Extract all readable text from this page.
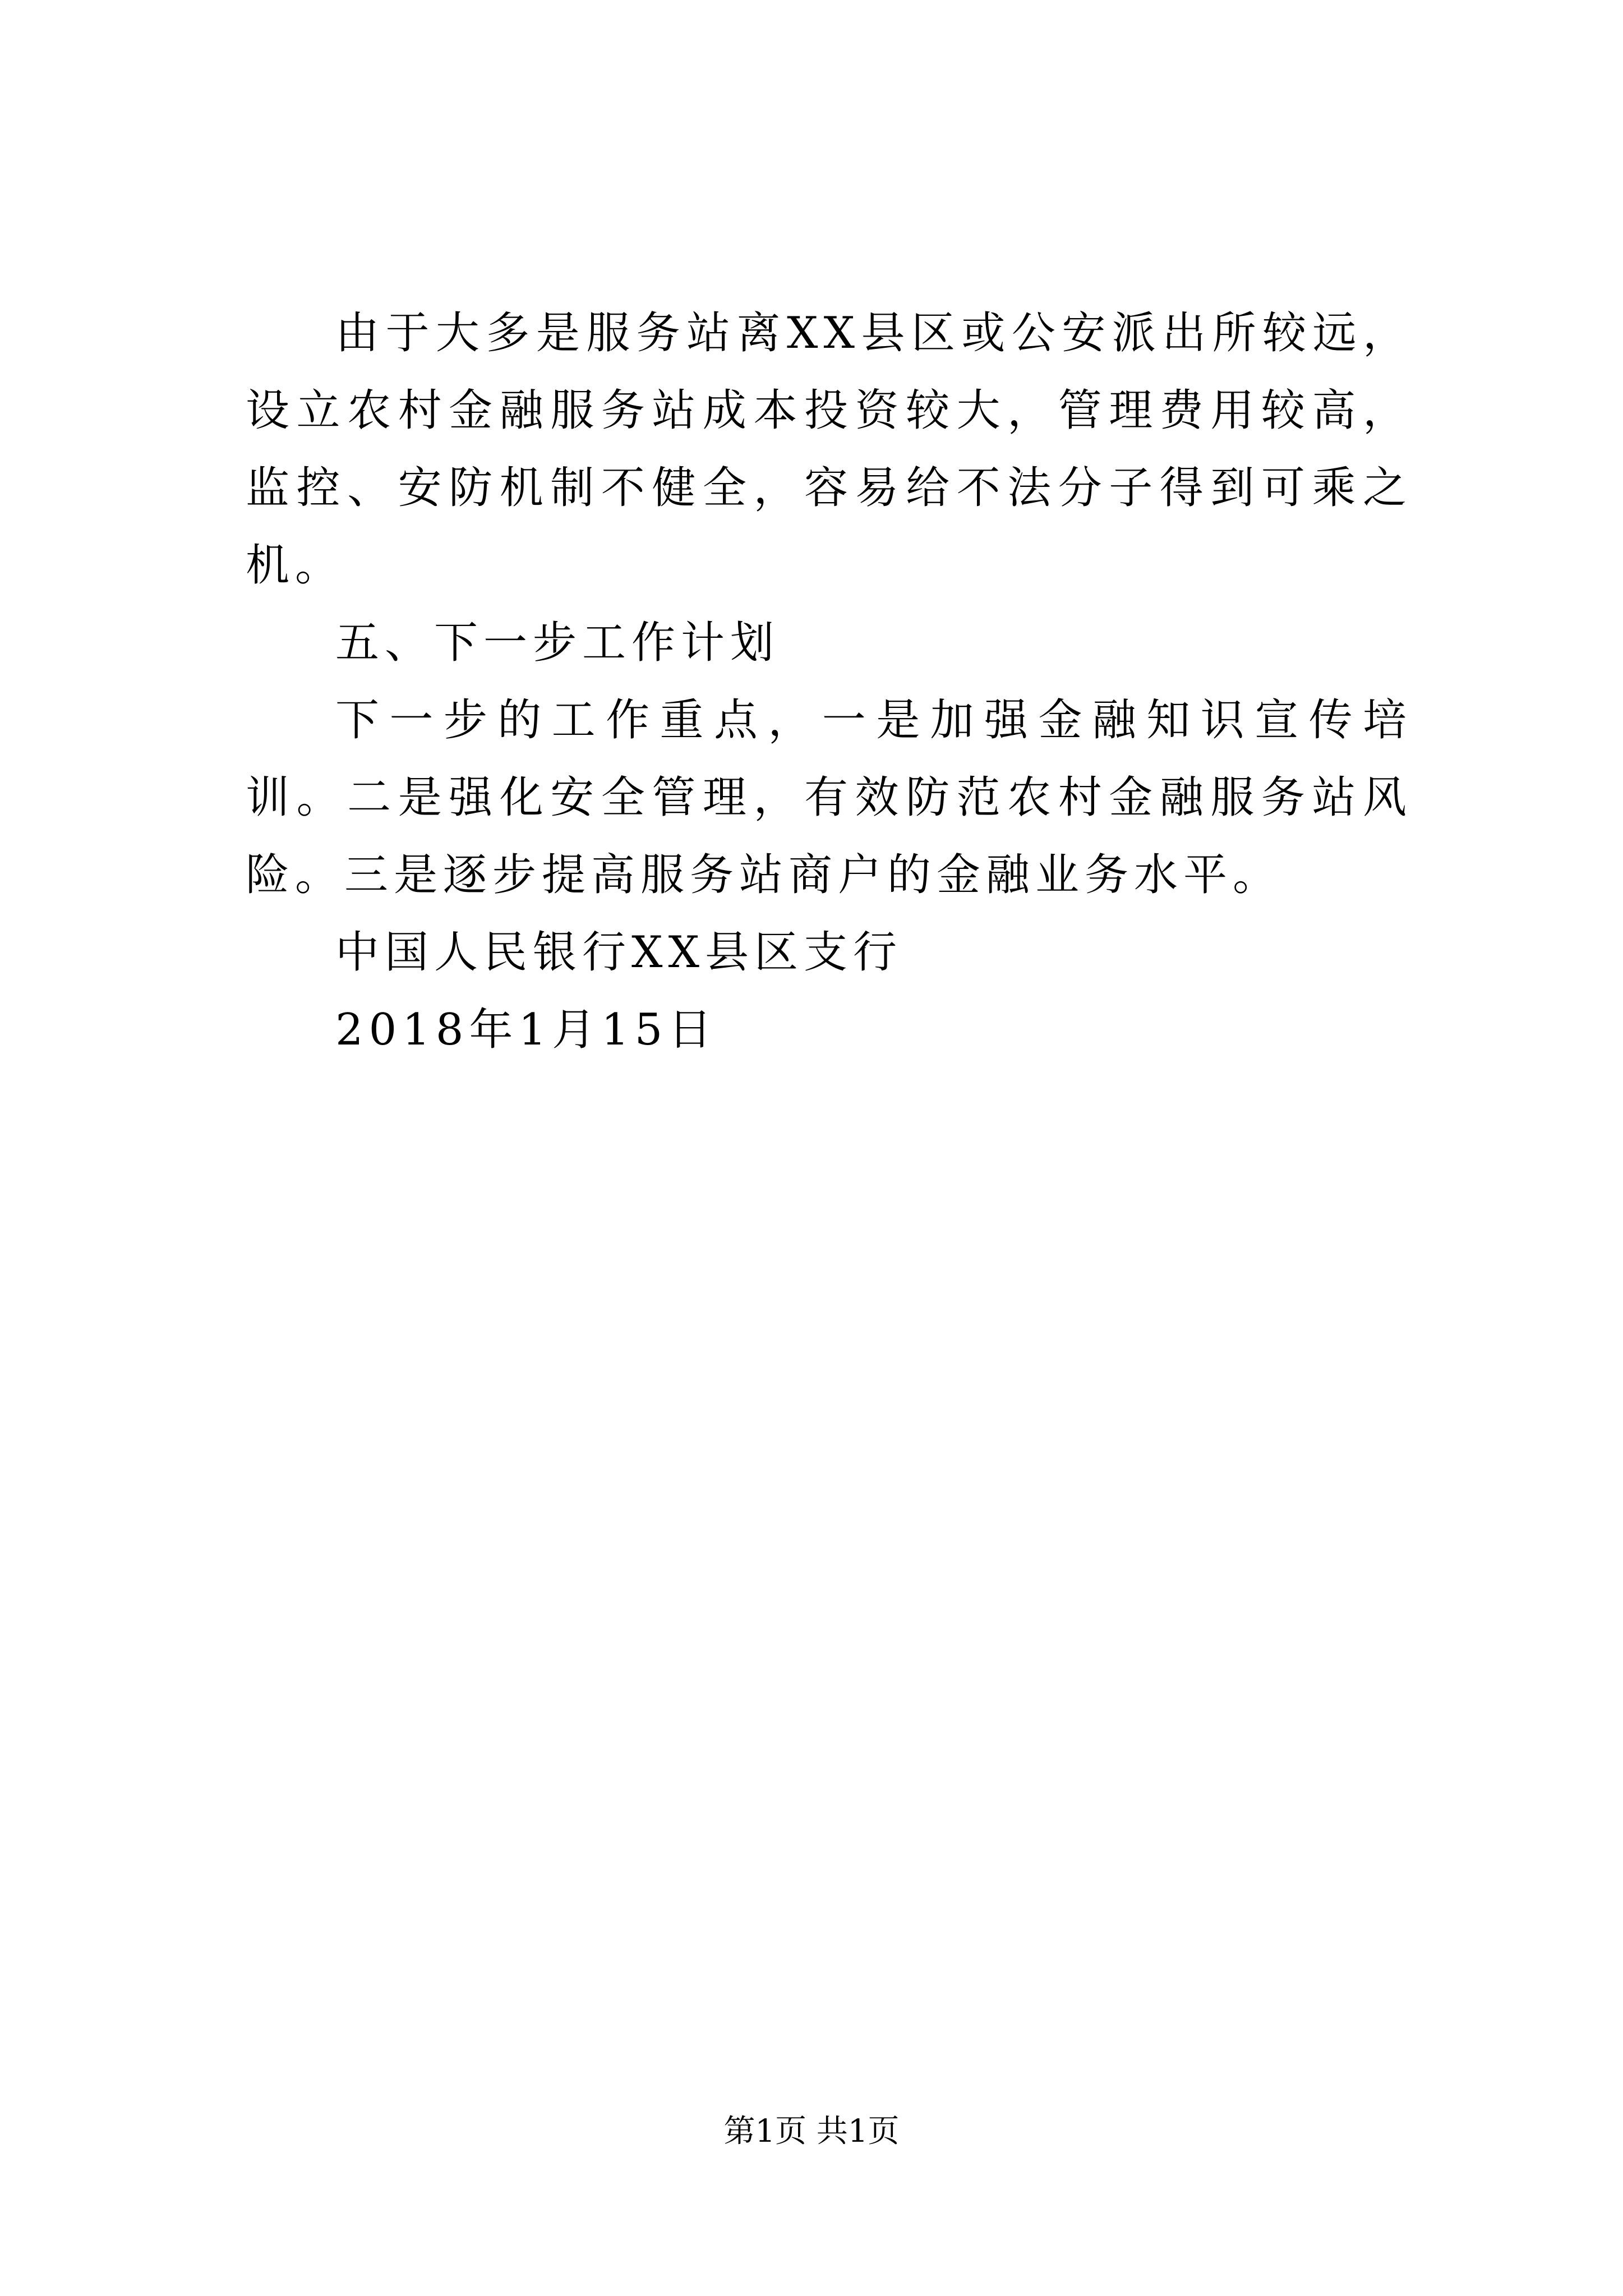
由于大多是服务站离XX县区或公安派出所较远，设立农村金融服务站成本投资较大，管理费用较高，监控、安防机制不健全，容易给不法分子得到可乘之机。

五、下一步工作计划

下一步的工作重点，一是加强金融知识宣传培训。二是强化安全管理，有效防范农村金融服务站风险。三是逐步提高服务站商户的金融业务水平。

中国人民银行XX县区支行

2018年1月15日

第1页 共1页
